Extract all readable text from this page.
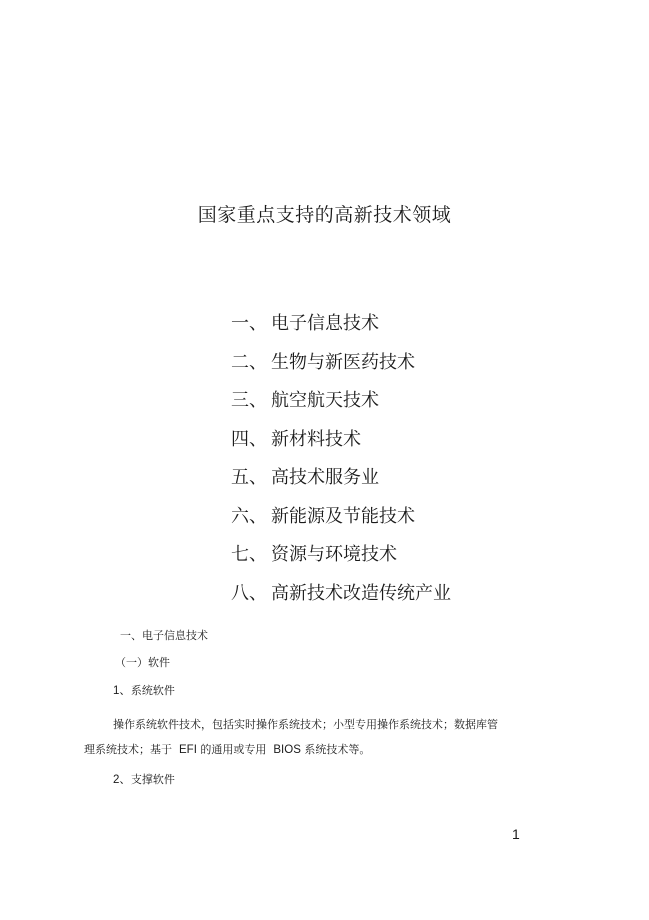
国家重点支持的高新技术领域
一、 电子信息技术
二、 生物与新医药技术
三、 航空航天技术
四、 新材料技术
五、 高技术服务业
六、 新能源及节能技术
七、 资源与环境技术
八、 高新技术改造传统产业
一、电子信息技术
（一）软件
1、系统软件
操作系统软件技术，包括实时操作系统技术；小型专用操作系统技术；数据库管
理系统技术；基于 EFI 的通用或专用 BIOS 系统技术等。
2、支撑软件
1
